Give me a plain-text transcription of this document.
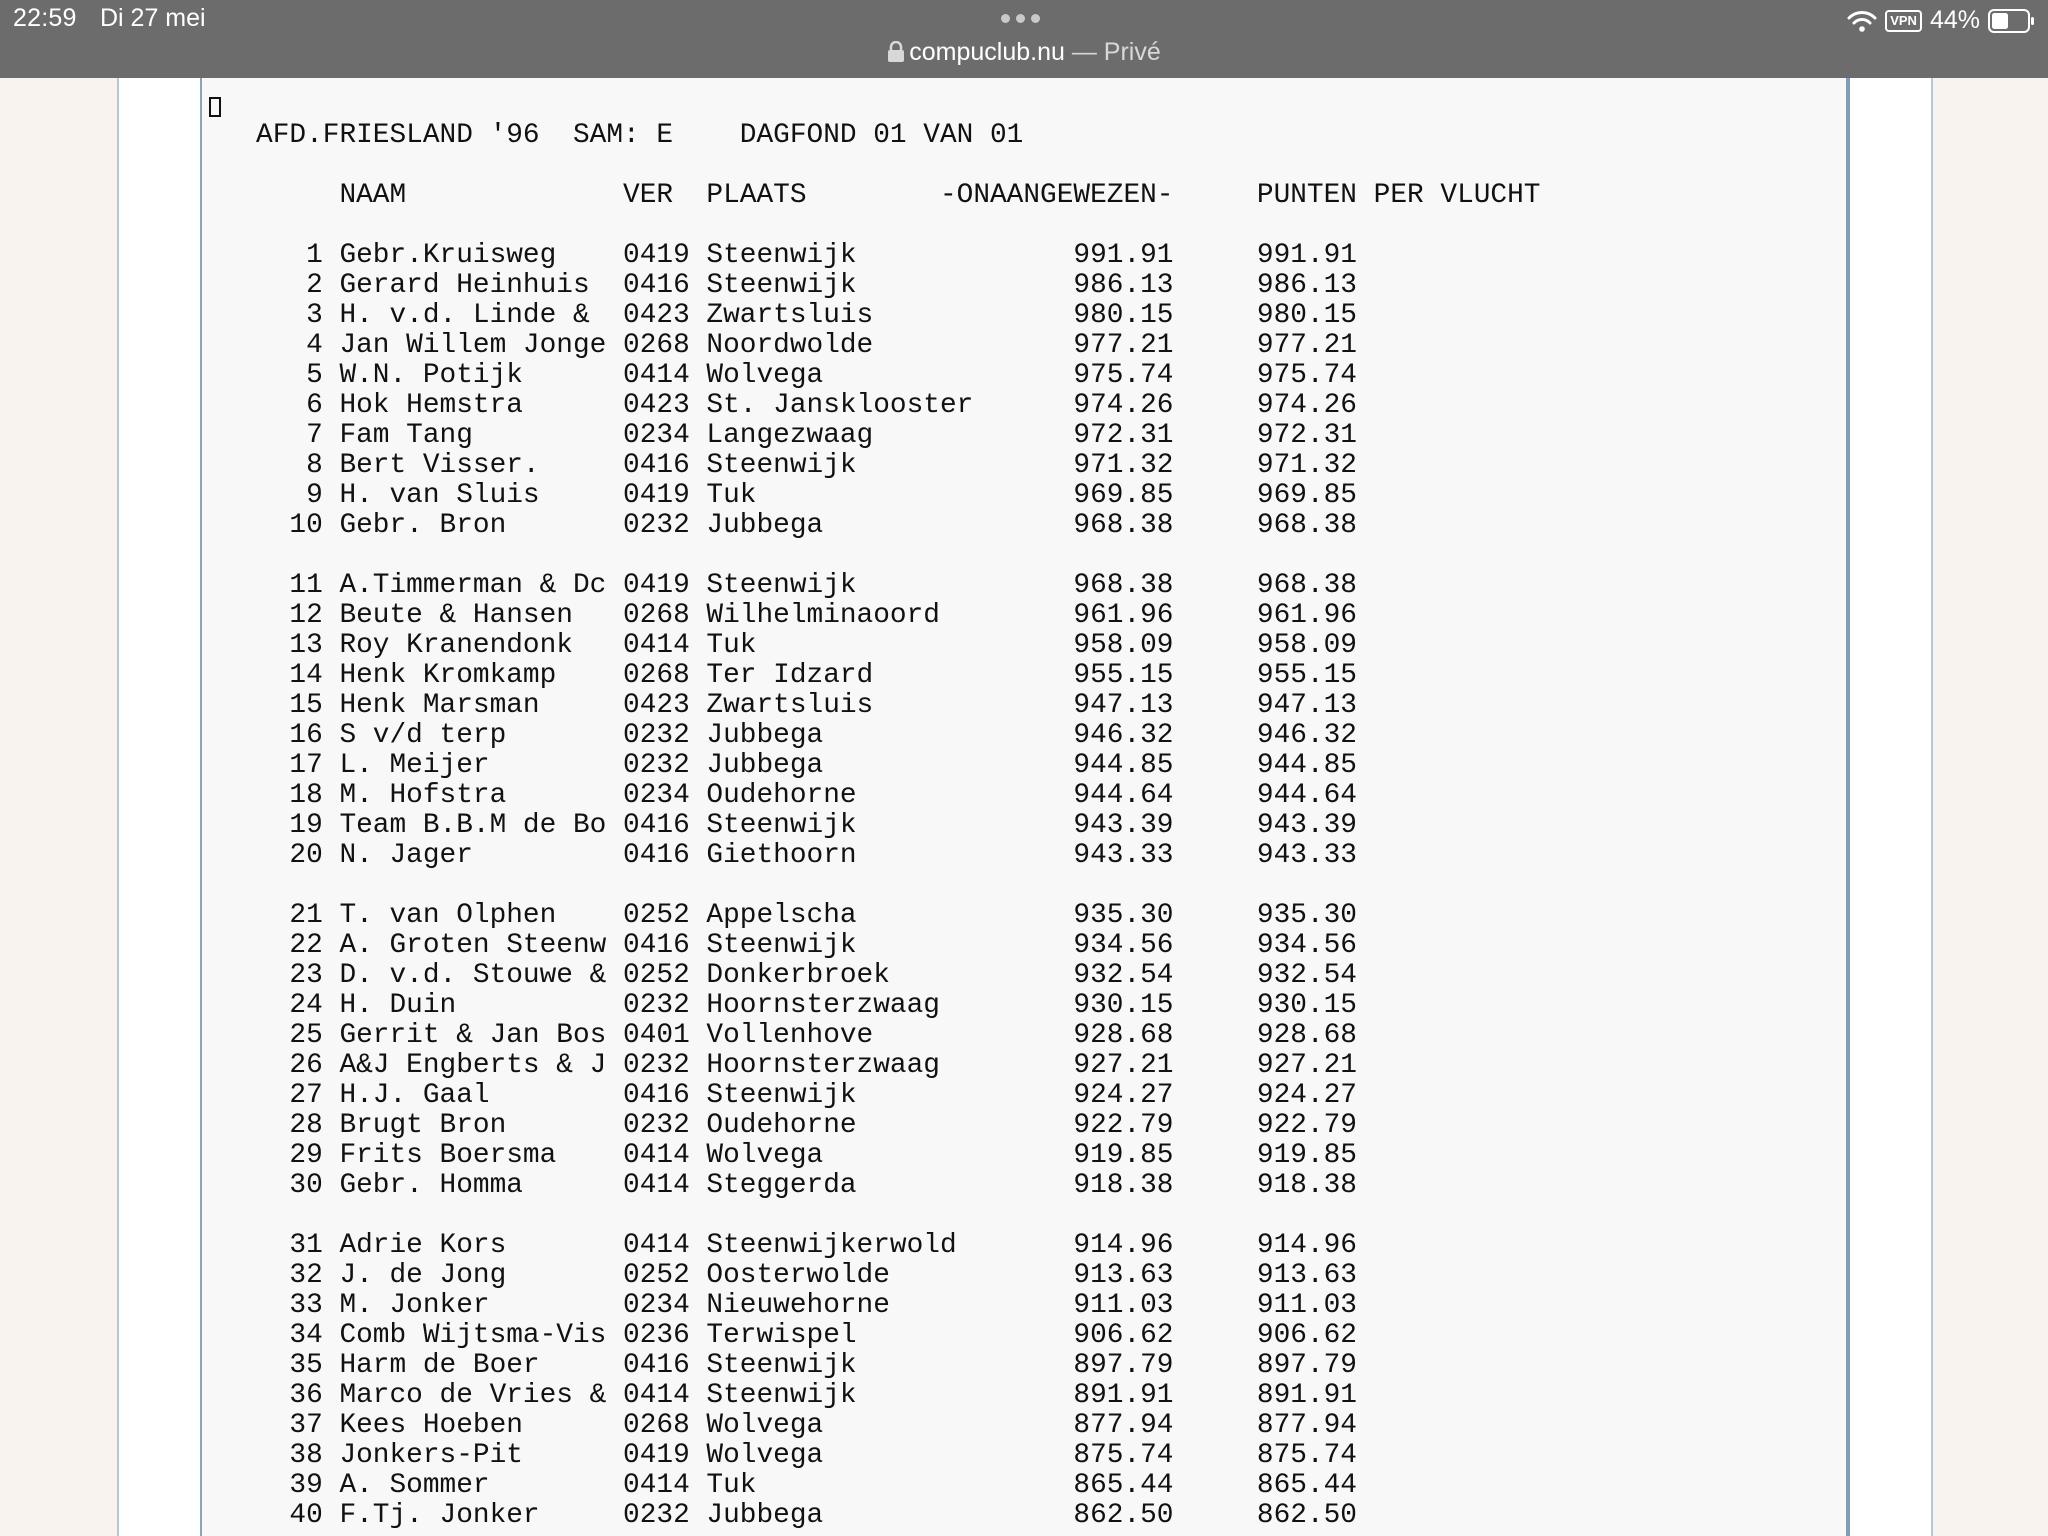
22:59 Di 27 mei
compuclub.nu — Privé
VPN 44%
AFD.FRIESLAND '96  SAM: E    DAGFOND 01 VAN 01
NAAM             VER  PLAATS        -ONAANGEWEZEN-     PUNTEN PER VLUCHT
1 Gebr.Kruisweg    0419 Steenwijk             991.91     991.91
2 Gerard Heinhuis  0416 Steenwijk             986.13     986.13
3 H. v.d. Linde &  0423 Zwartsluis            980.15     980.15
4 Jan Willem Jonge 0268 Noordwolde            977.21     977.21
5 W.N. Potijk      0414 Wolvega               975.74     975.74
6 Hok Hemstra      0423 St. Jansklooster      974.26     974.26
7 Fam Tang         0234 Langezwaag            972.31     972.31
8 Bert Visser.     0416 Steenwijk             971.32     971.32
9 H. van Sluis     0419 Tuk                   969.85     969.85
10 Gebr. Bron       0232 Jubbega               968.38     968.38
11 A.Timmerman & Dc 0419 Steenwijk             968.38     968.38
12 Beute & Hansen   0268 Wilhelminaoord        961.96     961.96
13 Roy Kranendonk   0414 Tuk                   958.09     958.09
14 Henk Kromkamp    0268 Ter Idzard            955.15     955.15
15 Henk Marsman     0423 Zwartsluis            947.13     947.13
16 S v/d terp       0232 Jubbega               946.32     946.32
17 L. Meijer        0232 Jubbega               944.85     944.85
18 M. Hofstra       0234 Oudehorne             944.64     944.64
19 Team B.B.M de Bo 0416 Steenwijk             943.39     943.39
20 N. Jager         0416 Giethoorn             943.33     943.33
21 T. van Olphen    0252 Appelscha             935.30     935.30
22 A. Groten Steenw 0416 Steenwijk             934.56     934.56
23 D. v.d. Stouwe & 0252 Donkerbroek           932.54     932.54
24 H. Duin          0232 Hoornsterzwaag        930.15     930.15
25 Gerrit & Jan Bos 0401 Vollenhove            928.68     928.68
26 A&J Engberts & J 0232 Hoornsterzwaag        927.21     927.21
27 H.J. Gaal        0416 Steenwijk             924.27     924.27
28 Brugt Bron       0232 Oudehorne             922.79     922.79
29 Frits Boersma    0414 Wolvega               919.85     919.85
30 Gebr. Homma      0414 Steggerda             918.38     918.38
31 Adrie Kors       0414 Steenwijkerwold       914.96     914.96
32 J. de Jong       0252 Oosterwolde           913.63     913.63
33 M. Jonker        0234 Nieuwehorne           911.03     911.03
34 Comb Wijtsma-Vis 0236 Terwispel             906.62     906.62
35 Harm de Boer     0416 Steenwijk             897.79     897.79
36 Marco de Vries & 0414 Steenwijk             891.91     891.91
37 Kees Hoeben      0268 Wolvega               877.94     877.94
38 Jonkers-Pit      0419 Wolvega               875.74     875.74
39 A. Sommer        0414 Tuk                   865.44     865.44
40 F.Tj. Jonker     0232 Jubbega               862.50     862.50
